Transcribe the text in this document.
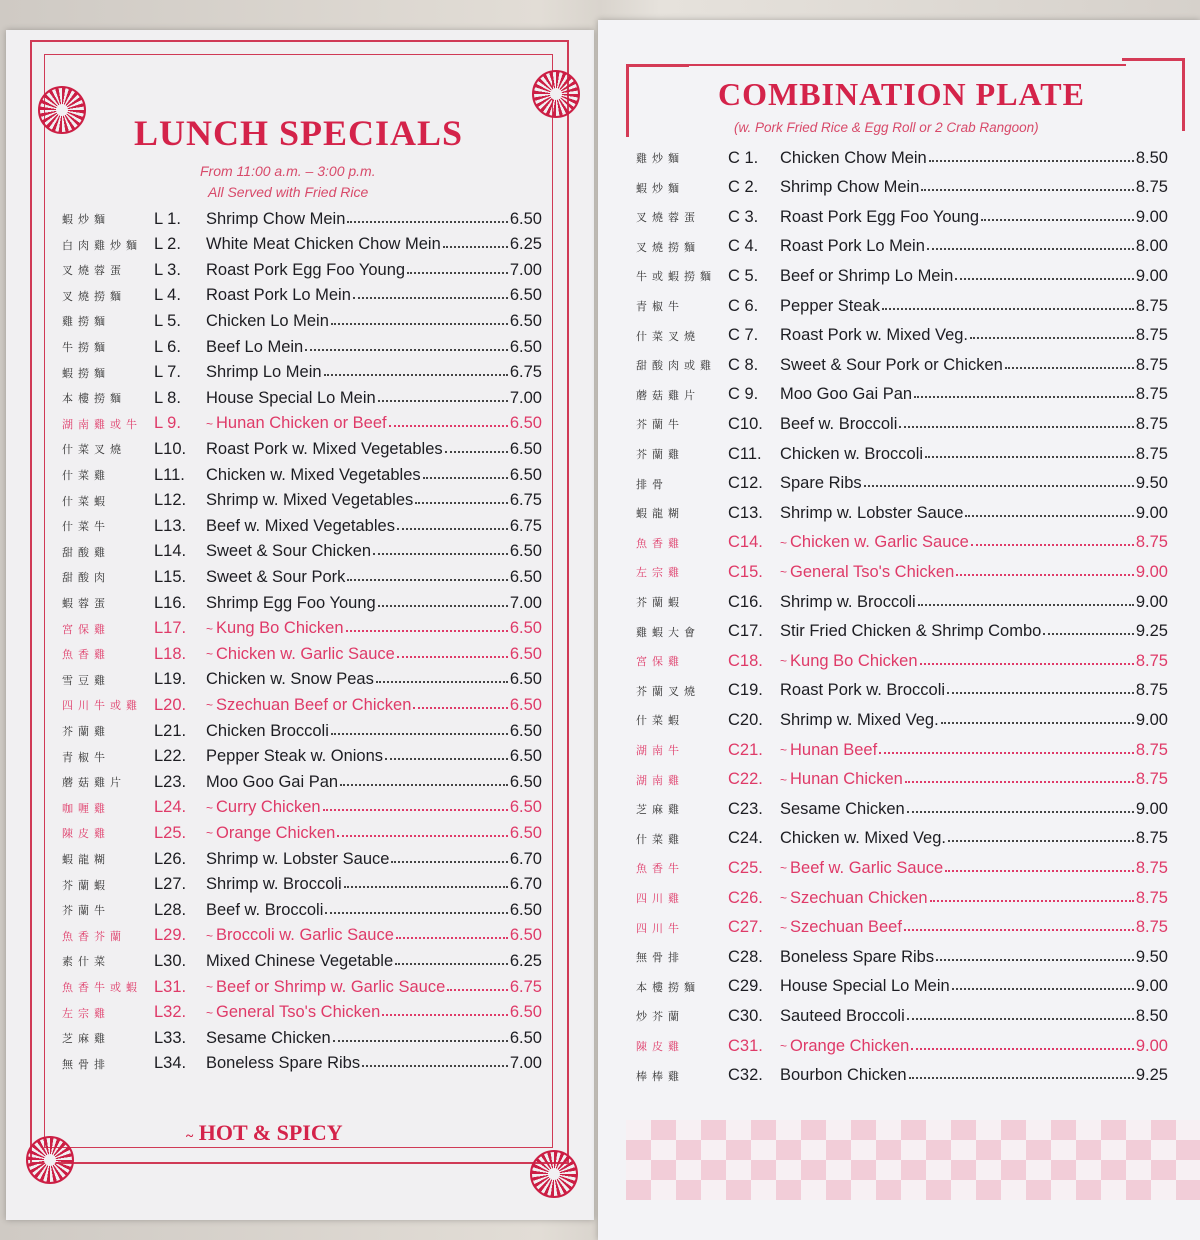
LUNCH SPECIALS
From 11:00 a.m. – 3:00 p.m.
All Served with Fried Rice
蝦炒麵	L 1.	Shrimp Chow Mein	6.50
白肉雞炒麵 L 2.	White Meat Chicken Chow Mein	6.25
叉燒蓉蛋	L 3.	Roast Pork Egg Foo Young	7.00
叉燒撈麵	L 4.	Roast Pork Lo Mein	6.50
雞撈麵	L 5.	Chicken Lo Mein	6.50
牛撈麵	L 6.	Beef Lo Mein	6.50
蝦撈麵	L 7.	Shrimp Lo Mein	6.75
本樓撈麵	L 8.	House Special Lo Mein	7.00
湖南雞或牛 L 9.	~ Hunan Chicken or Beef	6.50
什菜叉燒	L10.	Roast Pork w. Mixed Vegetables	6.50
什菜雞	L11.	Chicken w. Mixed Vegetables	6.50
什菜蝦	L12.	Shrimp w. Mixed Vegetables	6.75
什菜牛	L13.	Beef w. Mixed Vegetables	6.75
甜酸雞	L14.	Sweet & Sour Chicken	6.50
甜酸肉	L15.	Sweet & Sour Pork	6.50
蝦蓉蛋	L16.	Shrimp Egg Foo Young	7.00
宮保雞	L17.	~ Kung Bo Chicken	6.50
魚香雞	L18.	~ Chicken w. Garlic Sauce	6.50
雪豆雞	L19.	Chicken w. Snow Peas	6.50
四川牛或雞 L20.	~ Szechuan Beef or Chicken	6.50
芥蘭雞	L21.	Chicken Broccoli	6.50
青椒牛	L22.	Pepper Steak w. Onions	6.50
蘑菇雞片	L23.	Moo Goo Gai Pan	6.50
咖喱雞	L24.	~ Curry Chicken	6.50
陳皮雞	L25.	~ Orange Chicken	6.50
蝦龍糊	L26.	Shrimp w. Lobster Sauce	6.70
芥蘭蝦	L27.	Shrimp w. Broccoli	6.70
芥蘭牛	L28.	Beef w. Broccoli	6.50
魚香芥蘭	L29.	~ Broccoli w. Garlic Sauce	6.50
素什菜	L30.	Mixed Chinese Vegetable	6.25
魚香牛或蝦 L31.	~ Beef or Shrimp w. Garlic Sauce	6.75
左宗雞	L32.	~ General Tso's Chicken	6.50
芝麻雞	L33.	Sesame Chicken	6.50
無骨排	L34.	Boneless Spare Ribs	7.00
~ HOT & SPICY
COMBINATION PLATE
(w. Pork Fried Rice & Egg Roll or 2 Crab Rangoon)
雞炒麵	C 1.	Chicken Chow Mein	8.50
蝦炒麵	C 2.	Shrimp Chow Mein	8.75
叉燒蓉蛋	C 3.	Roast Pork Egg Foo Young	9.00
叉燒撈麵	C 4.	Roast Pork Lo Mein	8.00
牛或蝦撈麵 C 5.	Beef or Shrimp Lo Mein	9.00
青椒牛	C 6.	Pepper Steak	8.75
什菜叉燒	C 7.	Roast Pork w. Mixed Veg.	8.75
甜酸肉或雞 C 8.	Sweet & Sour Pork or Chicken	8.75
蘑菇雞片	C 9.	Moo Goo Gai Pan	8.75
芥蘭牛	C10.	Beef w. Broccoli	8.75
芥蘭雞	C11.	Chicken w. Broccoli	8.75
排骨	C12.	Spare Ribs	9.50
蝦龍糊	C13.	Shrimp w. Lobster Sauce	9.00
魚香雞	C14.	~ Chicken w. Garlic Sauce	8.75
左宗雞	C15.	~ General Tso's Chicken	9.00
芥蘭蝦	C16.	Shrimp w. Broccoli	9.00
雞蝦大會	C17.	Stir Fried Chicken & Shrimp Combo	9.25
宮保雞	C18.	~ Kung Bo Chicken	8.75
芥蘭叉燒	C19.	Roast Pork w. Broccoli	8.75
什菜蝦	C20.	Shrimp w. Mixed Veg.	9.00
湖南牛	C21.	~ Hunan Beef	8.75
湖南雞	C22.	~ Hunan Chicken	8.75
芝麻雞	C23.	Sesame Chicken	9.00
什菜雞	C24.	Chicken w. Mixed Veg.	8.75
魚香牛	C25.	~ Beef w. Garlic Sauce	8.75
四川雞	C26.	~ Szechuan Chicken	8.75
四川牛	C27.	~ Szechuan Beef	8.75
無骨排	C28.	Boneless Spare Ribs	9.50
本樓撈麵	C29.	House Special Lo Mein	9.00
炒芥蘭	C30.	Sauteed Broccoli	8.50
陳皮雞	C31.	~ Orange Chicken	9.00
棒棒雞	C32.	Bourbon Chicken	9.25
